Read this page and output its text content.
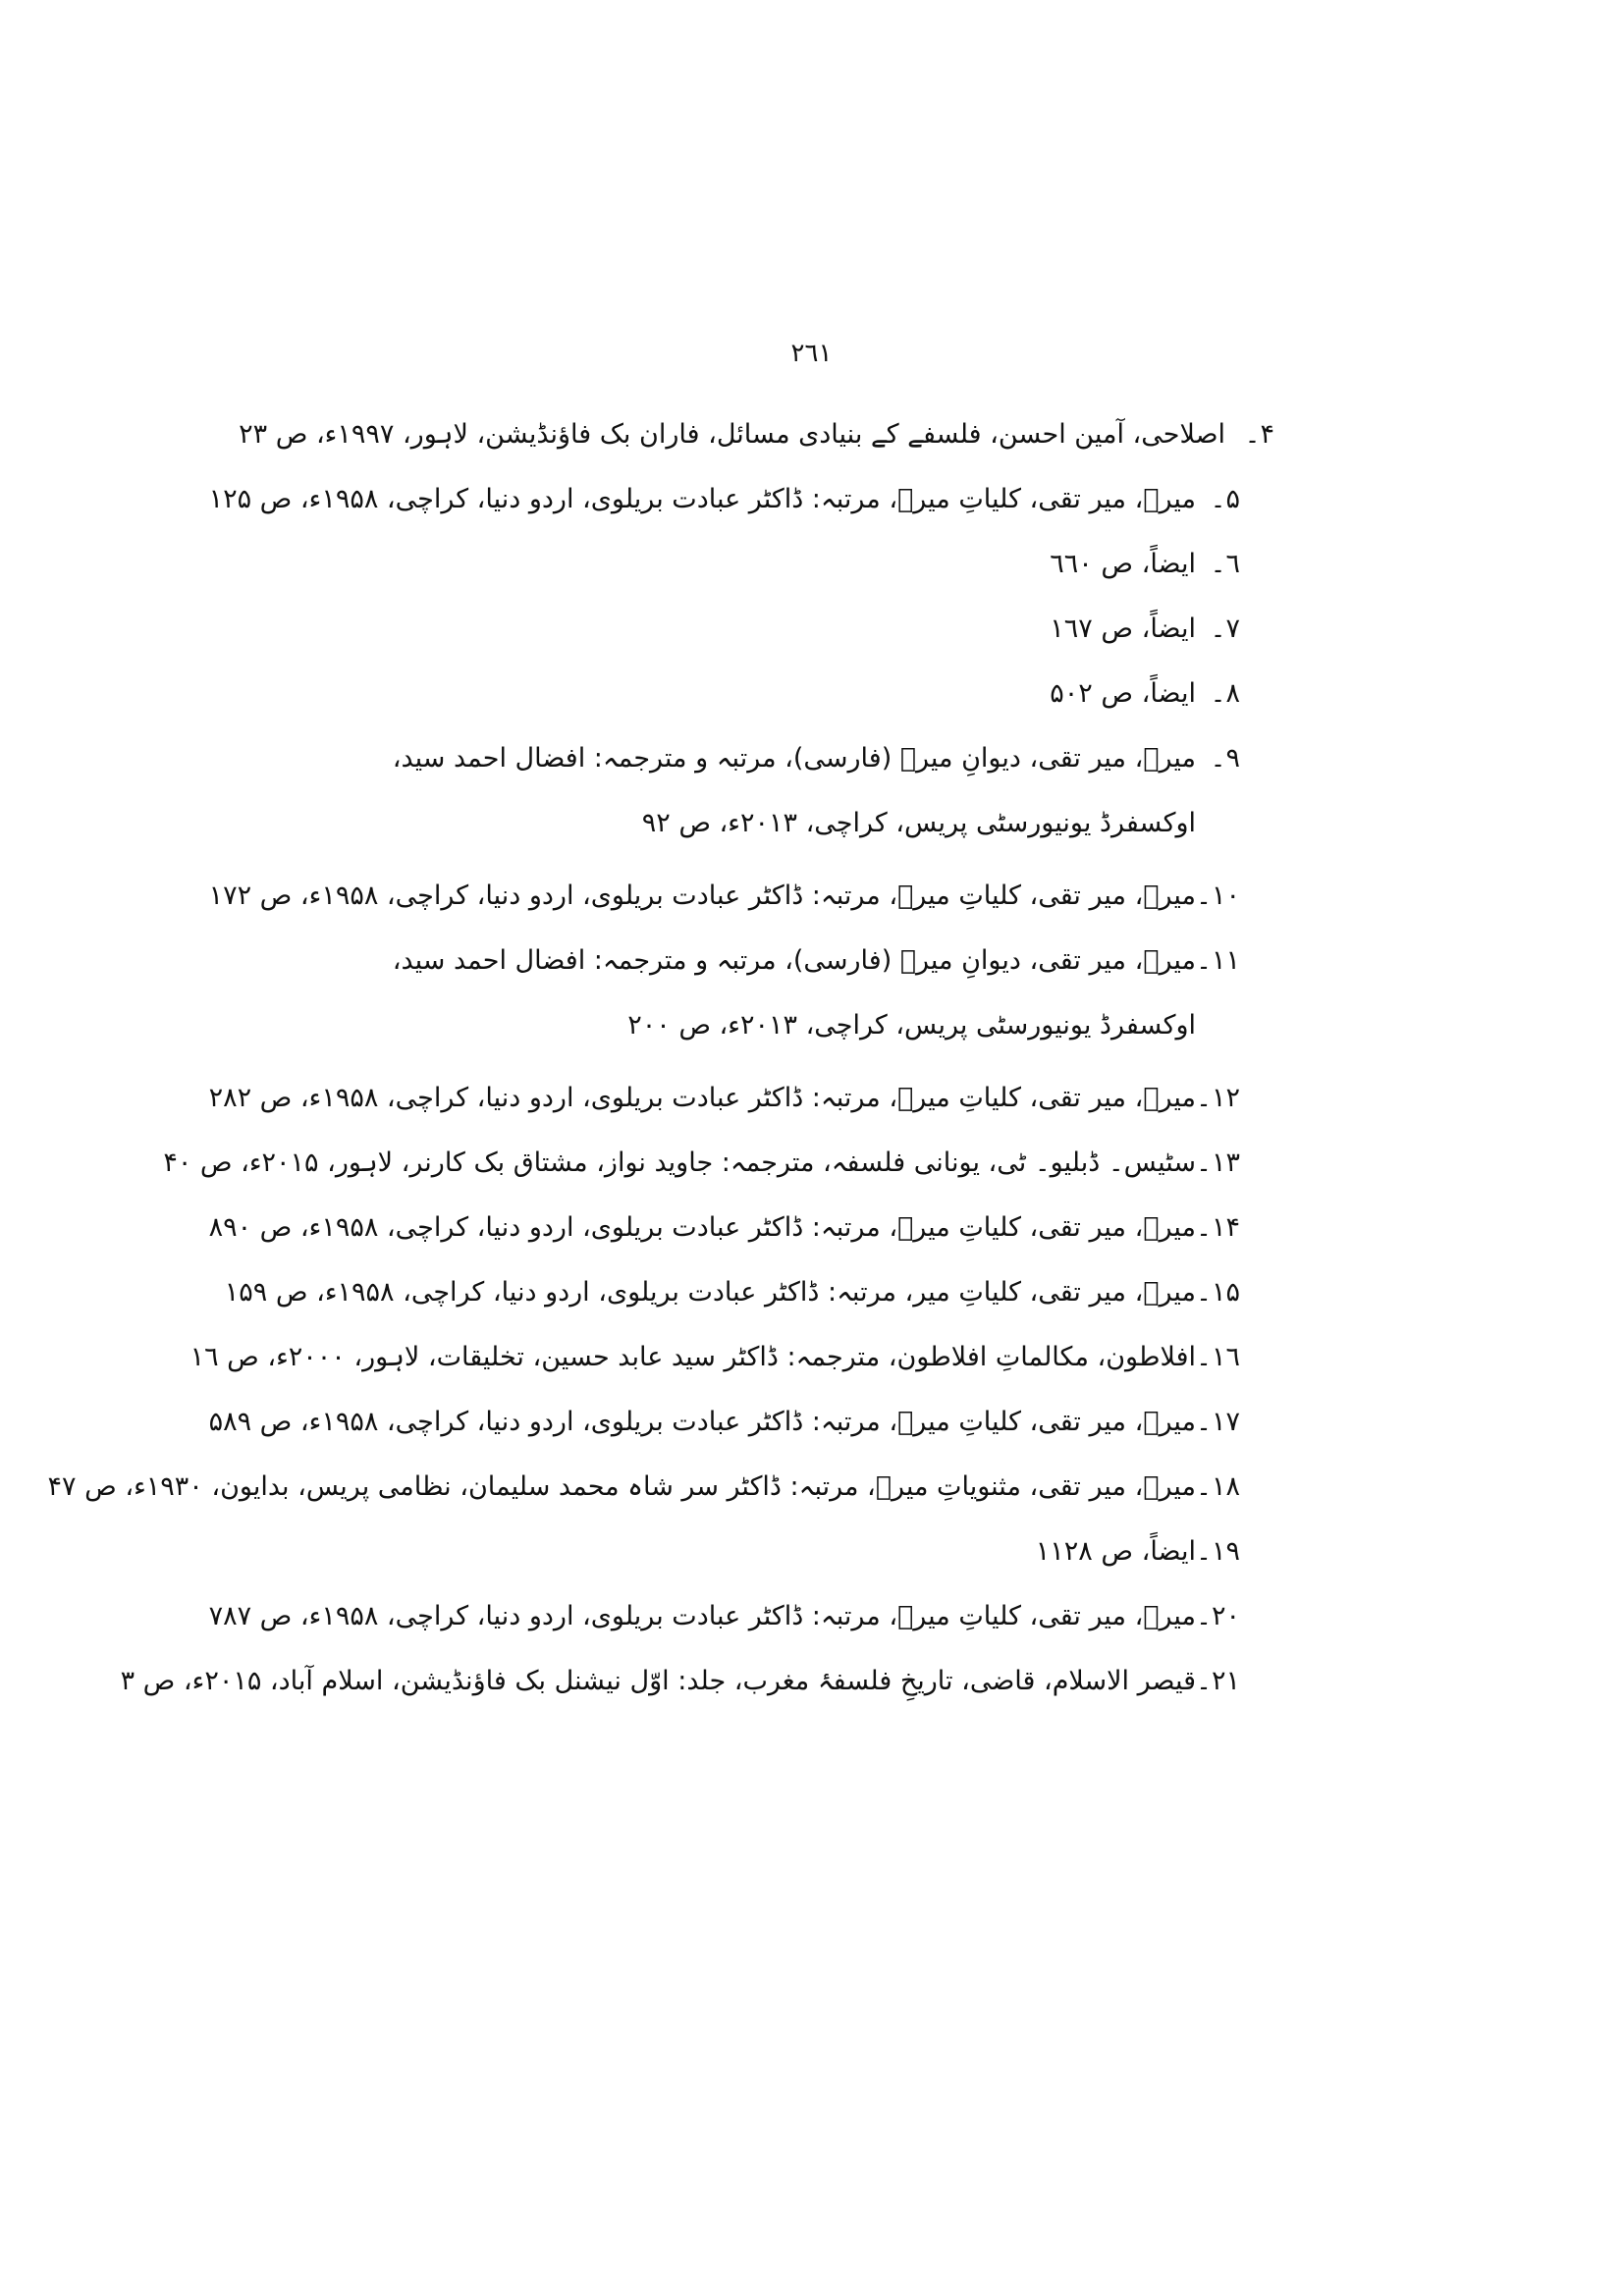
۲٦١
۴۔
اصلاحی، آمین احسن، فلسفے کے بنیادی مسائل، فاران بک فاؤنڈیشن، لاہور، ۱۹۹۷ء، ص ۲۳
۵۔
میرؔ، میر تقی، کلیاتِ میرؔ، مرتبہ: ڈاکٹر عبادت بریلوی، اردو دنیا، کراچی، ۱۹۵۸ء، ص ۱۲۵
٦۔
ایضاً، ص ٦٦٠
۷۔
ایضاً، ص ١٦٧
۸۔
ایضاً، ص ۵۰۲
۹۔
میرؔ، میر تقی، دیوانِ میرؔ (فارسی)، مرتبہ و مترجمہ: افضال احمد سید، اوکسفرڈ یونیورسٹی پریس، کراچی، ۲۰۱۳ء، ص ۹۲
۱۰۔
میرؔ، میر تقی، کلیاتِ میرؔ، مرتبہ: ڈاکٹر عبادت بریلوی، اردو دنیا، کراچی، ۱۹۵۸ء، ص ۱۷۲
۱۱۔
میرؔ، میر تقی، دیوانِ میرؔ (فارسی)، مرتبہ و مترجمہ: افضال احمد سید، اوکسفرڈ یونیورسٹی پریس، کراچی، ۲۰۱۳ء، ص ۲۰۰
۱۲۔
میرؔ، میر تقی، کلیاتِ میرؔ، مرتبہ: ڈاکٹر عبادت بریلوی، اردو دنیا، کراچی، ۱۹۵۸ء، ص ۲۸۲
۱۳۔
سٹیس۔ ڈبلیو۔ ٹی، یونانی فلسفہ، مترجمہ: جاوید نواز، مشتاق بک کارنر، لاہور، ۲۰۱۵ء، ص ۴۰
۱۴۔
میرؔ، میر تقی، کلیاتِ میرؔ، مرتبہ: ڈاکٹر عبادت بریلوی، اردو دنیا، کراچی، ۱۹۵۸ء، ص ۸۹۰
۱۵۔
میرؔ، میر تقی، کلیاتِ میر، مرتبہ: ڈاکٹر عبادت بریلوی، اردو دنیا، کراچی، ۱۹۵۸ء، ص ۱۵۹
١٦۔
افلاطون، مکالماتِ افلاطون، مترجمہ: ڈاکٹر سید عابد حسین، تخلیقات، لاہور، ۲۰۰۰ء، ص ١٦
۱۷۔
میرؔ، میر تقی، کلیاتِ میرؔ، مرتبہ: ڈاکٹر عبادت بریلوی، اردو دنیا، کراچی، ۱۹۵۸ء، ص ۵۸۹
۱۸۔
میرؔ، میر تقی، مثنویاتِ میرؔ، مرتبہ: ڈاکٹر سر شاہ محمد سلیمان، نظامی پریس، بدایون، ۱۹۳۰ء، ص ۴۷
۱۹۔
ایضاً، ص ۱۱۲۸
۲۰۔
میرؔ، میر تقی، کلیاتِ میرؔ، مرتبہ: ڈاکٹر عبادت بریلوی، اردو دنیا، کراچی، ۱۹۵۸ء، ص ۷۸۷
۲۱۔
قیصر الاسلام، قاضی، تاریخِ فلسفۂ مغرب، جلد: اوّل نیشنل بک فاؤنڈیشن، اسلام آباد، ۲۰۱۵ء، ص ۳
